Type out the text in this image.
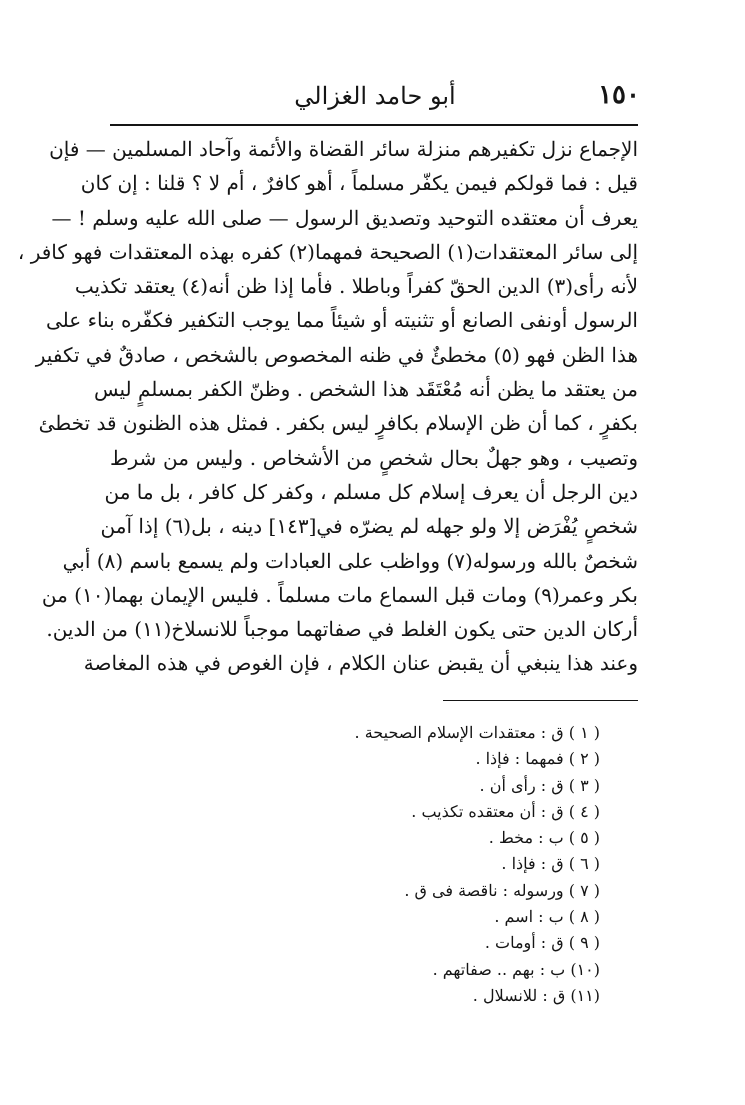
١٥٠
أبو حامد الغزالي
الإجماع نزل تكفيرهم منزلة سائر القضاة والأئمة وآحاد المسلمين — فإن
قيل : فما قولكم فيمن يكفّر مسلماً ، أهو كافرٌ ، أم لا ؟ قلنا : إن كان
يعرف أن معتقده التوحيد وتصديق الرسول — صلى الله عليه وسلم ! —
إلى سائر المعتقدات(١) الصحيحة فمهما(٢) كفره بهذه المعتقدات فهو كافر ،
لأنه رأى(٣) الدين الحقّ كفراً وباطلا . فأما إذا ظن أنه(٤) يعتقد تكذيب
الرسول أونفى الصانع أو تثنيته أو شيئاً مما يوجب التكفير فكفّره بناء على
هذا الظن فهو (٥) مخطئٌ في ظنه المخصوص بالشخص ، صادقٌ في تكفير
من يعتقد ما يظن أنه مُعْتَقَد هذا الشخص . وظنّ الكفر بمسلمٍ ليس
بكفرٍ ، كما أن ظن الإسلام بكافرٍ ليس بكفر . فمثل هذه الظنون قد تخطئ
وتصيب ، وهو جهلٌ بحال شخصٍ من الأشخاص . وليس من شرط
دين الرجل أن يعرف إسلام كل مسلم ، وكفر كل كافر ، بل ما من
شخصٍ يُفْرَض إلا ولو جهله لم يضرّه في[١٤٣] دينه ، بل(٦) إذا آمن
شخصٌ بالله ورسوله(٧) وواظب على العبادات ولم يسمع باسم (٨) أبي
بكر وعمر(٩) ومات قبل السماع مات مسلماً . فليس الإيمان بهما(١٠) من
أركان الدين حتى يكون الغلط في صفاتهما موجباً للانسلاخ(١١) من الدين.
وعند هذا ينبغي أن يقبض عنان الكلام ، فإن الغوص في هذه المغاصة
( ١ ) ق : معتقدات الإسلام الصحيحة .
( ٢ ) فمهما : فإذا .
( ٣ ) ق : رأى أن .
( ٤ ) ق : أن معتقده تكذيب .
( ٥ ) ب : مخط .
( ٦ ) ق : فإذا .
( ٧ ) ورسوله : ناقصة فى ق .
( ٨ ) ب : اسم .
( ٩ ) ق : أومات .
(١٠) ب : بهم .. صفاتهم .
(١١) ق : للانسلال .
